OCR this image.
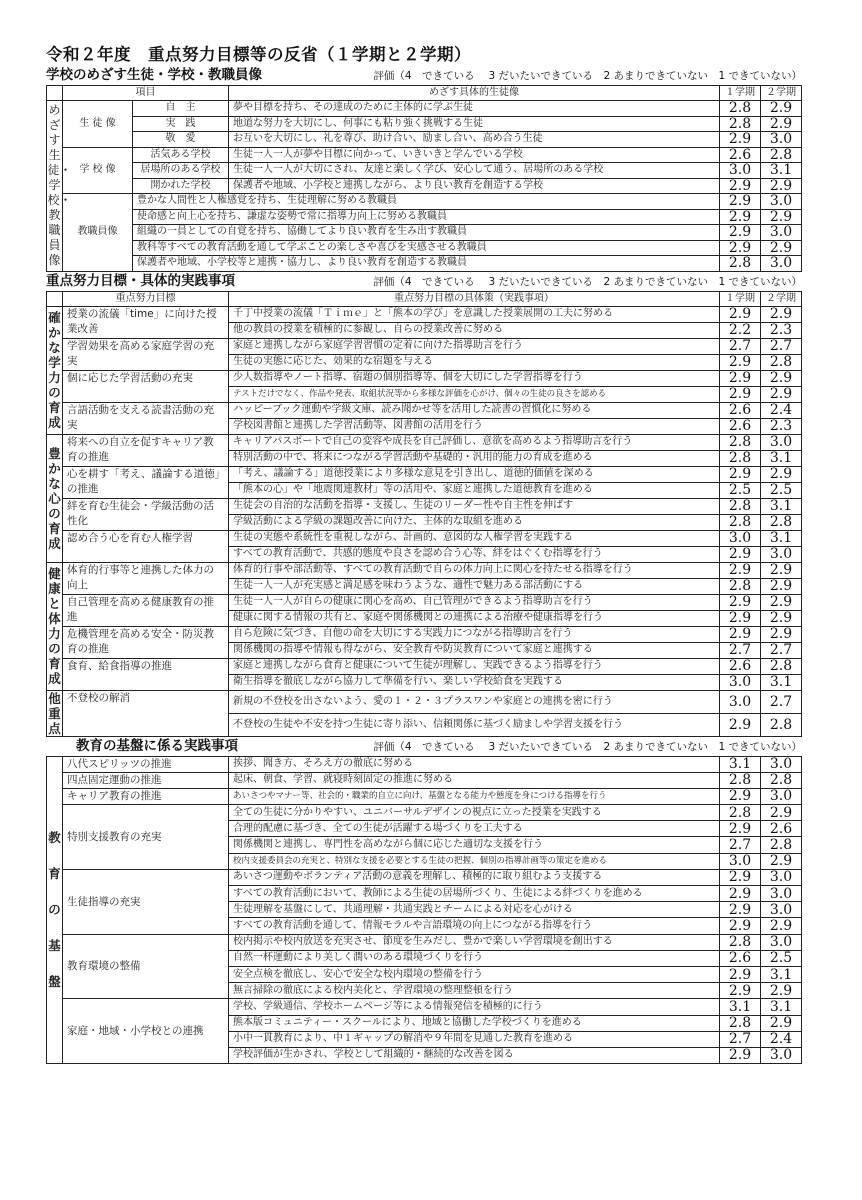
令和２年度　重点努力目標等の反省（１学期と２学期）
学校のめざす生徒・学校・教職員像	評価（4　できている　 3 だいたいできている　2 あまりできていない　1 できていない）
	項目		めざす具体的生徒像	１学期	２学期
めざす生徒・学校・教職員像	生 徒 像	自　主	夢や目標を持ち、その達成のために主体的に学ぶ生徒	2.8	2.9
		実　践	地道な努力を大切にし、何事にも粘り強く挑戦する生徒	2.8	2.9
		敬　愛	お互いを大切にし、礼を尊び、助け合い、励まし合い、高め合う生徒	2.9	3.0
	学 校 像	活気ある学校	生徒一人一人が夢や目標に向かって、いきいきと学んでいる学校	2.6	2.8
		居場所のある学校	生徒一人一人が大切にされ、友達と楽しく学び、安心して通う、居場所のある学校	3.0	3.1
		開かれた学校	保護者や地域、小学校と連携しながら、より良い教育を創造する学校	2.9	2.9
	教職員像	豊かな人間性と人権感覚を持ち、生徒理解に努める教職員		2.9	3.0
		使命感と向上心を持ち、謙虚な姿勢で常に指導力向上に努める教職員		2.9	2.9
		組織の一員としての自覚を持ち、協働してより良い教育を生み出す教職員		2.9	3.0
		教科等すべての教育活動を通して学ぶことの楽しさや喜びを実感させる教職員		2.9	2.9
		保護者や地域、小学校等と連携・協力し、より良い教育を創造する教職員		2.8	3.0
重点努力目標・具体的実践事項	評価（4　できている　 3 だいたいできている　2 あまりできていない　1 できていない）
	重点努力目標	重点努力目標の具体策（実践事項）	１学期	２学期
確かな学力の育成	授業の流儀「time」に向けた授業改善	千丁中授業の流儀「Ｔｉｍｅ」と「熊本の学び」を意識した授業展開の工夫に努める	2.9	2.9
		他の教員の授業を積極的に参観し、自らの授業改善に努める	2.2	2.3
	学習効果を高める家庭学習の充実	家庭と連携しながら家庭学習習慣の定着に向けた指導助言を行う	2.7	2.7
		生徒の実態に応じた、効果的な宿題を与える	2.9	2.8
	個に応じた学習活動の充実	少人数指導やノート指導、宿題の個別指導等、個を大切にした学習指導を行う	2.9	2.9
		テストだけでなく、作品や発表、取組状況等から多様な評価を心がけ、個々の生徒の良さを認める	2.9	2.9
	言語活動を支える読書活動の充実	ハッピーブック運動や学級文庫、読み聞かせ等を活用した読書の習慣化に努める	2.6	2.4
		学校図書館と連携した学習活動等、図書館の活用を行う	2.6	2.3
豊かな心の育成	将来への自立を促すキャリア教育の推進	キャリアパスポートで自己の変容や成長を自己評価し、意欲を高めるよう指導助言を行う	2.8	3.0
		特別活動の中で、将来につながる学習活動や基礎的・汎用的能力の育成を進める	2.8	3.1
	心を耕す「考え、議論する道徳」の推進	「考え、議論する」道徳授業により多様な意見を引き出し、道徳的価値を深める	2.9	2.9
		「熊本の心」や「地震関連教材」等の活用や、家庭と連携した道徳教育を進める	2.5	2.5
	絆を育む生徒会・学級活動の活性化	生徒会の自治的な活動を指導・支援し、生徒のリーダー性や自主性を伸ばす	2.8	3.1
		学級活動による学級の課題改善に向けた、主体的な取組を進める	2.8	2.8
	認め合う心を育む人権学習	生徒の実態や系統性を重視しながら、計画的、意図的な人権学習を実践する	3.0	3.1
		すべての教育活動で、共感的態度や良さを認め合う心等、絆をはぐくむ指導を行う	2.9	3.0
健康と体力の育成	体育的行事等と連携した体力の向上	体育的行事や部活動等、すべての教育活動で自らの体力向上に関心を持たせる指導を行う	2.9	2.9
		生徒一人一人が充実感と満足感を味わうような、適性で魅力ある部活動にする	2.8	2.9
	自己管理を高める健康教育の推進	生徒一人一人が自らの健康に関心を高め、自己管理ができるよう指導助言を行う	2.9	2.9
		健康に関する情報の共有と、家庭や関係機関との連携による治療や健康指導を行う	2.9	2.9
	危機管理を高める安全・防災教育の推進	自ら危険に気づき、自他の命を大切にする実践力につながる指導助言を行う	2.9	2.9
		関係機関の指導や情報も得ながら、安全教育や防災教育について家庭と連携する	2.7	2.7
	食育、給食指導の推進	家庭と連携しながら食育と健康について生徒が理解し、実践できるよう指導を行う	2.6	2.8
		衛生指導を徹底しながら協力して準備を行い、楽しい学校給食を実践する	3.0	3.1
他重点	不登校の解消	新規の不登校を出さないよう、愛の１・２・３プラスワンや家庭との連携を密に行う	3.0	2.7
		不登校の生徒や不安を持つ生徒に寄り添い、信頼関係に基づく励ましや学習支援を行う	2.9	2.8
教育の基盤に係る実践事項	評価（4　できている　 3 だいたいできている　2 あまりできていない　1 できていない）
教育の基盤	八代スピリッツの推進	挨拶、聞き方、そろえ方の徹底に努める	3.1	3.0
	四点固定運動の推進	起床、朝食、学習、就寝時刻固定の推進に努める	2.8	2.8
	キャリア教育の推進	あいさつやマナー等、社会的・職業的自立に向け、基盤となる能力や態度を身につける指導を行う	2.9	3.0
	特別支援教育の充実	全ての生徒に分かりやすい、ユニバーサルデザインの視点に立った授業を実践する	2.8	2.9
		合理的配慮に基づき、全ての生徒が活躍する場づくりを工夫する	2.9	2.6
		関係機関と連携し、専門性を高めながら個に応じた適切な支援を行う	2.7	2.8
		校内支援委員会の充実と、特別な支援を必要とする生徒の把握、個別の指導計画等の策定を進める	3.0	2.9
	生徒指導の充実	あいさつ運動やボランティア活動の意義を理解し、積極的に取り組むよう支援する	2.9	3.0
		すべての教育活動において、教師による生徒の居場所づくり、生徒による絆づくりを進める	2.9	3.0
		生徒理解を基盤にして、共通理解・共通実践とチームによる対応を心がける	2.9	3.0
		すべての教育活動を通して、情報モラルや言語環境の向上につながる指導を行う	2.9	2.9
	教育環境の整備	校内掲示や校内放送を充実させ、節度を生みだし、豊かで楽しい学習環境を創出する	2.8	3.0
		自然一杯運動により美しく潤いのある環境づくりを行う	2.6	2.5
		安全点検を徹底し、安心で安全な校内環境の整備を行う	2.9	3.1
		無言掃除の徹底による校内美化と、学習環境の整理整頓を行う	2.9	2.9
	家庭・地域・小学校との連携	学校、学級通信、学校ホームページ等による情報発信を積極的に行う	3.1	3.1
		熊本版コミュニティー・スクールにより、地域と協働した学校づくりを進める	2.8	2.9
		小中一貫教育により、中１ギャップの解消や９年間を見通した教育を進める	2.7	2.4
		学校評価が生かされ、学校として組織的・継続的な改善を図る	2.9	3.0
